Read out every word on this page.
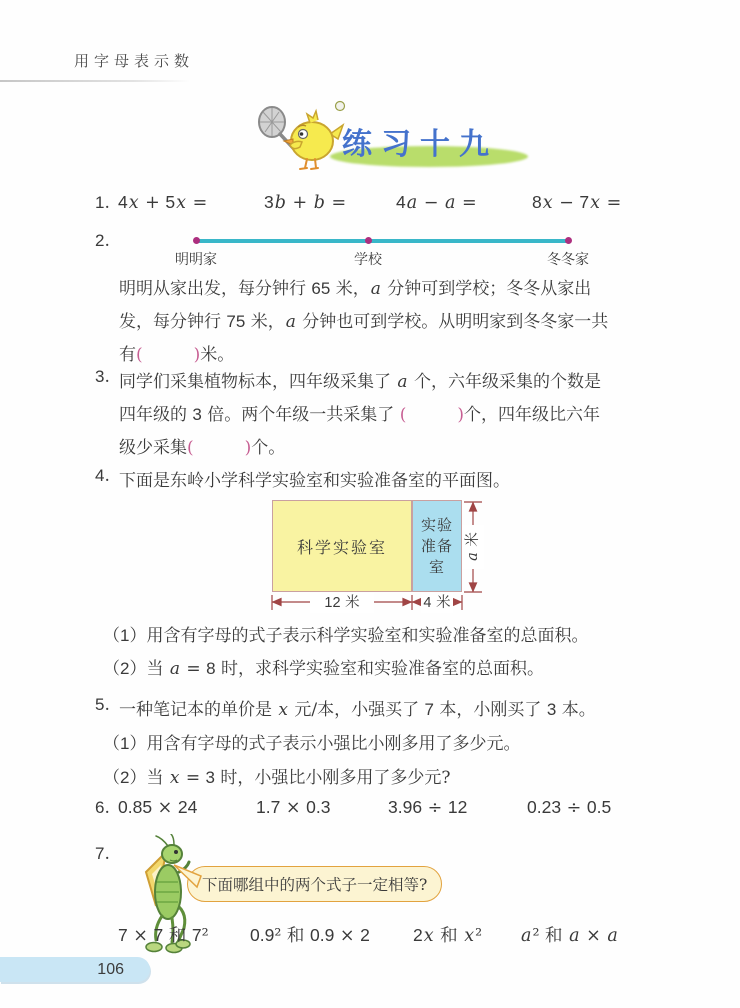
用字母表示数
练习十九
1. 4x + 5x =	3b + b =	4a − a =	8x − 7x =
2.
明明家	学校	冬冬家
明明从家出发，每分钟行 65 米，a 分钟可到学校；冬冬从家出
发，每分钟行 75 米，a 分钟也可到学校。从明明家到冬冬家一共
有(　　　)米。
3. 同学们采集植物标本，四年级采集了 a 个，六年级采集的个数是
四年级的 3 倍。两个年级一共采集了 (　　　)个，四年级比六年
级少采集(　　　)个。
4. 下面是东岭小学科学实验室和实验准备室的平面图。
科学实验室
实验准备室
12 米	4 米
a 米
（1）用含有字母的式子表示科学实验室和实验准备室的总面积。
（2）当 a = 8 时，求科学实验室和实验准备室的总面积。
5. 一种笔记本的单价是 x 元/本，小强买了 7 本，小刚买了 3 本。
（1）用含有字母的式子表示小强比小刚多用了多少元。
（2）当 x = 3 时，小强比小刚多用了多少元?
6. 0.85 × 24	1.7 × 0.3	3.96 ÷ 12	0.23 ÷ 0.5
7.
下面哪组中的两个式子一定相等?
7 × 7 和 7² 0.9² 和 0.9 × 2 2x 和 x² a² 和 a × a
106
